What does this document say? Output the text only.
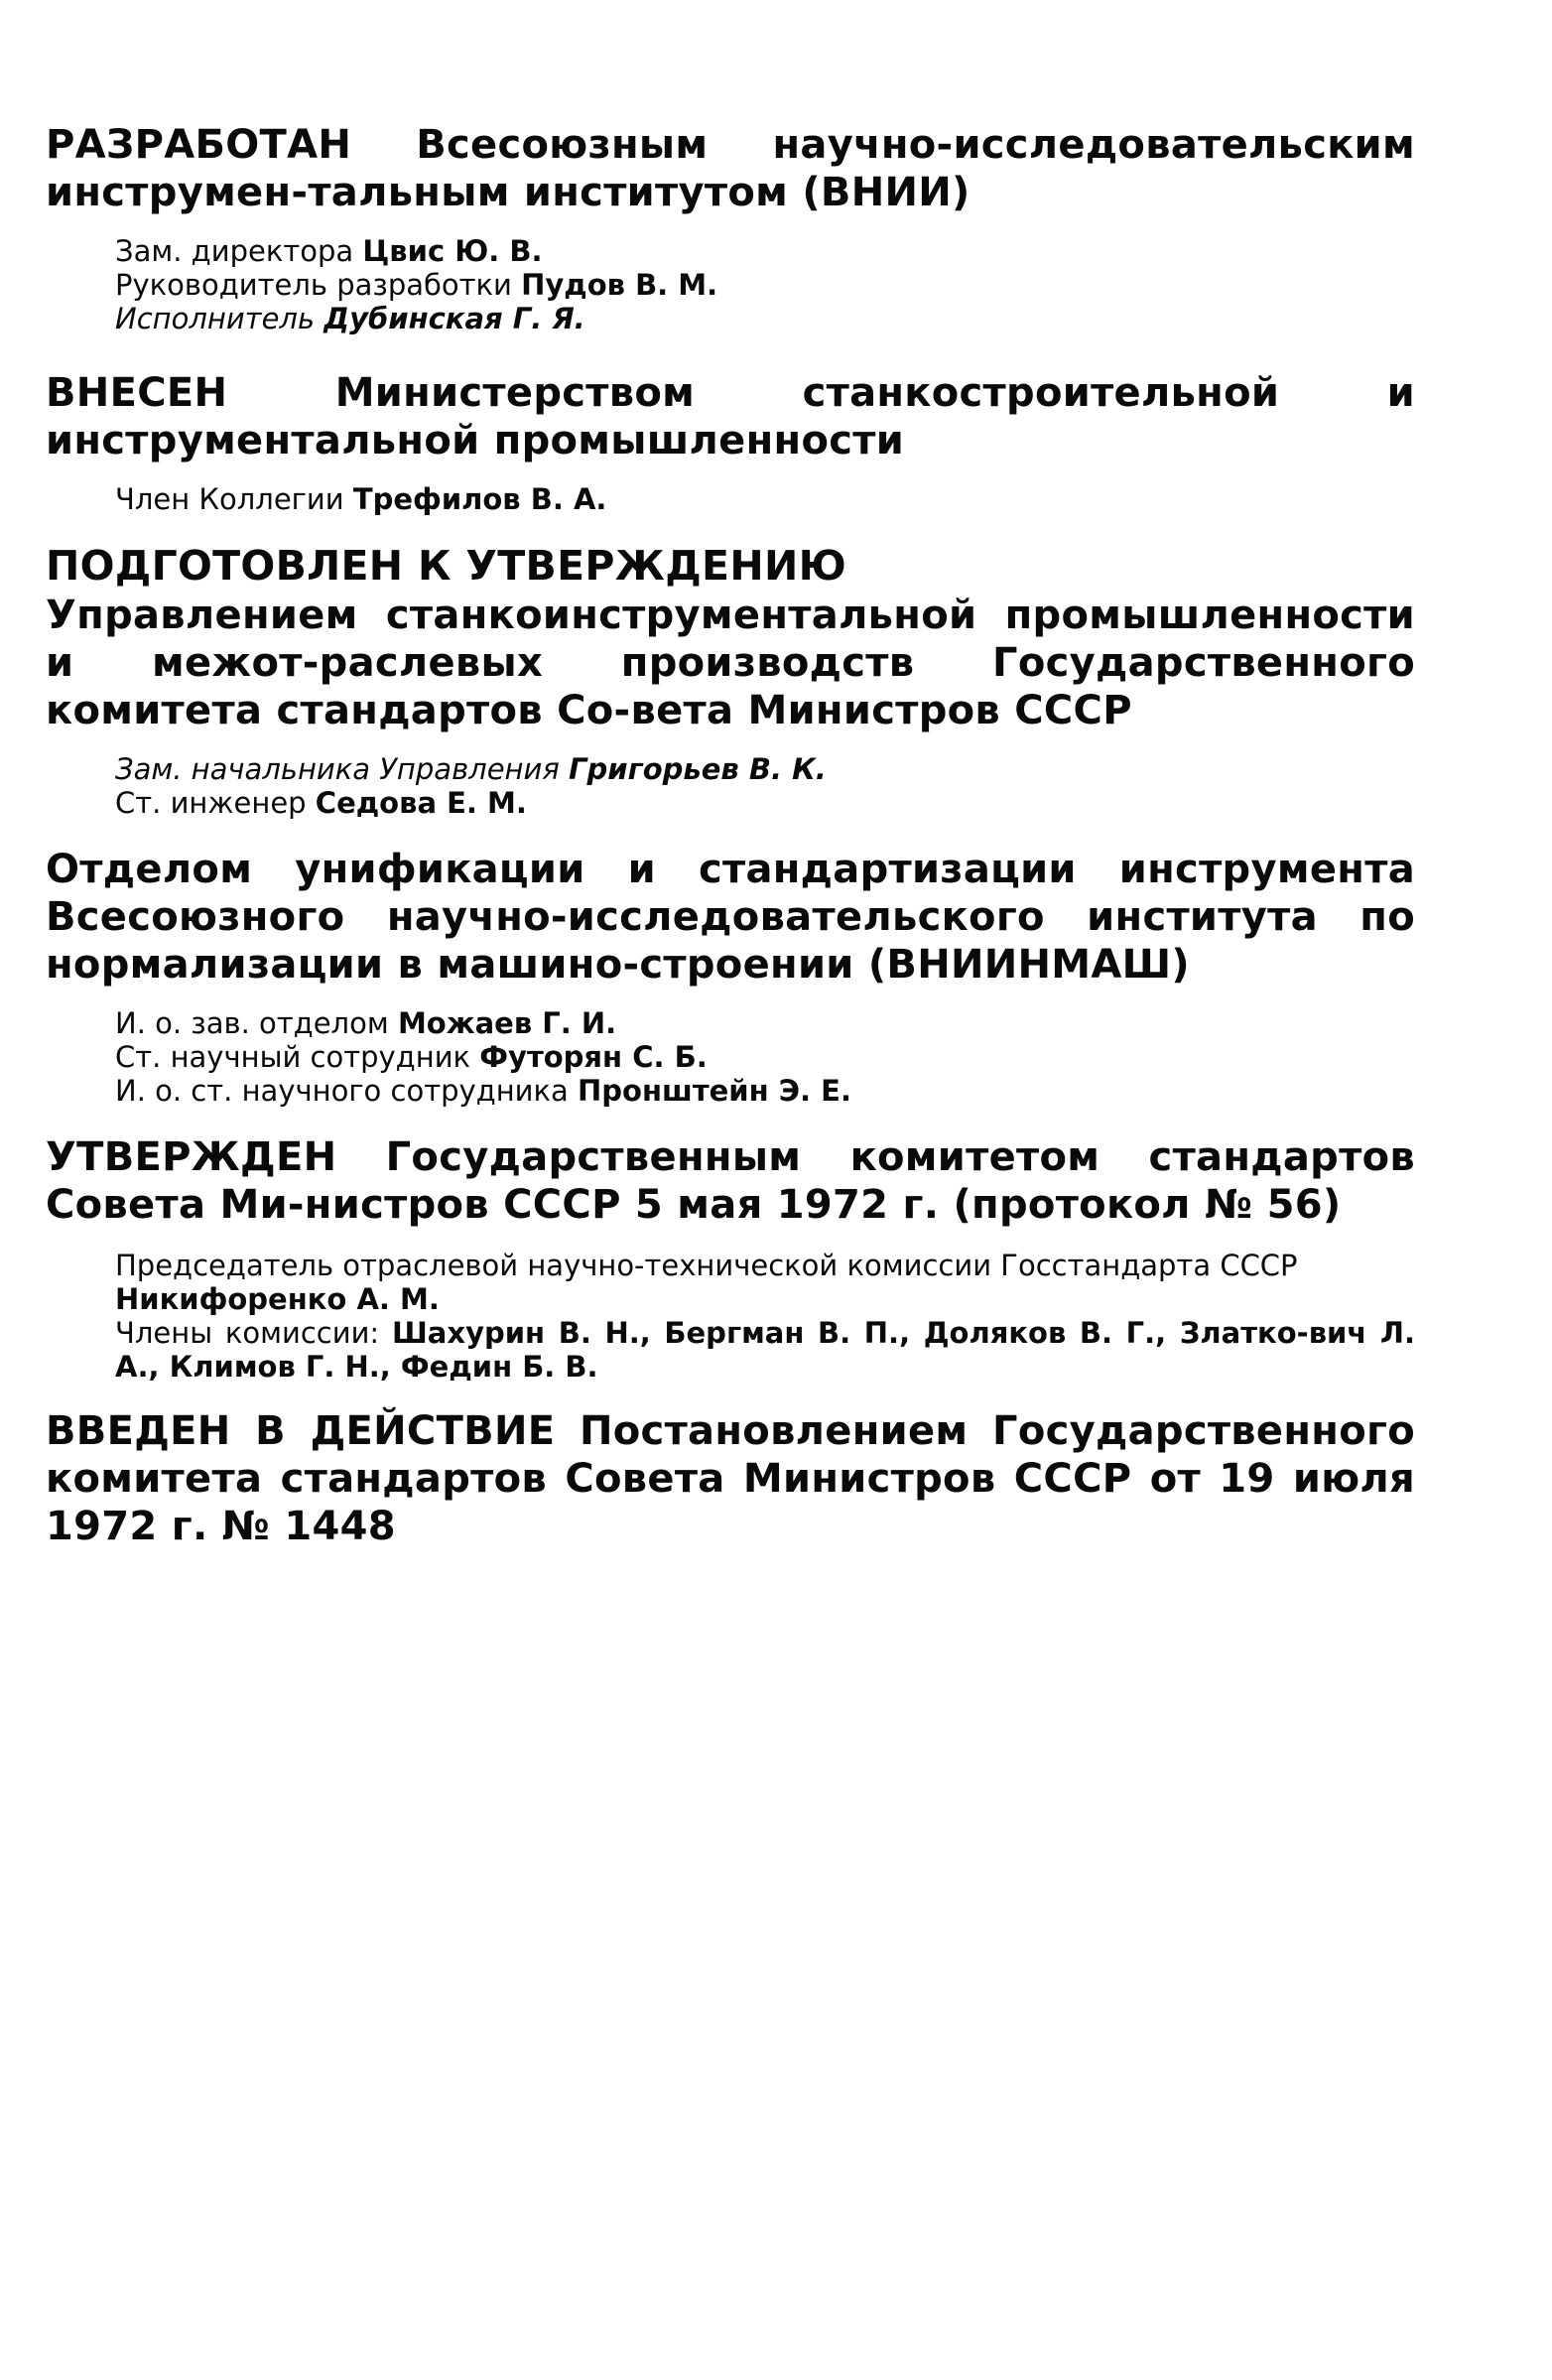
РАЗРАБОТАН Всесоюзным научно-исследовательским инструмен-тальным институтом (ВНИИ)
Зам. директора Цвис Ю. В.
Руководитель разработки Пудов В. М.
Исполнитель Дубинская Г. Я.
ВНЕСЕН Министерством станкостроительной и инструментальной промышленности
Член Коллегии Трефилов В. А.
ПОДГОТОВЛЕН К УТВЕРЖДЕНИЮ
Управлением станкоинструментальной промышленности и межот-раслевых производств Государственного комитета стандартов Со-вета Министров СССР
Зам. начальника Управления Григорьев В. К.
Ст. инженер Седова Е. М.
Отделом унификации и стандартизации инструмента Всесоюзного научно-исследовательского института по нормализации в машино-строении (ВНИИНМАШ)
И. о. зав. отделом Можаев Г. И.
Ст. научный сотрудник Футорян С. Б.
И. о. ст. научного сотрудника Пронштейн Э. Е.
УТВЕРЖДЕН Государственным комитетом стандартов Совета Ми-нистров СССР 5 мая 1972 г. (протокол № 56)
Председатель отраслевой научно-технической комиссии Госстандарта СССР
Никифоренко А. М.
Члены комиссии: Шахурин В. Н., Бергман В. П., Доляков В. Г., Златко-вич Л. А., Климов Г. Н., Федин Б. В.
ВВЕДЕН В ДЕЙСТВИЕ Постановлением Государственного комитета стандартов Совета Министров СССР от 19 июля 1972 г. № 1448
